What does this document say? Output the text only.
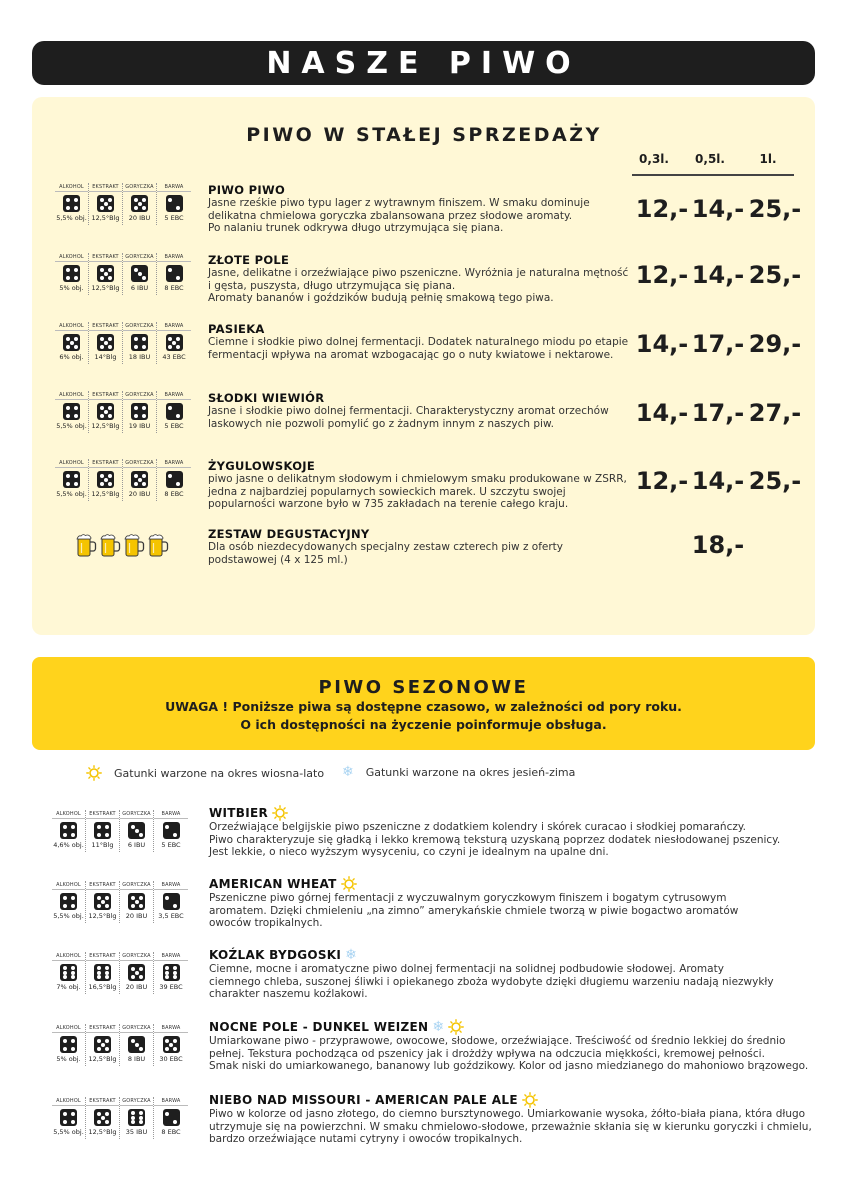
NASZE PIWO
PIWO W STAŁEJ SPRZEDAŻY
0,3l.	0,5l.	1l.
ALKOHOL
5,5% obj.
EKSTRAKT
12,5°Blg
GORYCZKA
20 IBU
BARWA
5 EBC
PIWO PIWO
Jasne rześkie piwo typu lager z wytrawnym finiszem. W smaku dominuje
delikatna chmielowa goryczka zbalansowana przez słodowe aromaty.
Po nalaniu trunek odkrywa długo utrzymująca się piana.
12,- 14,- 25,-
ALKOHOL
5% obj.
EKSTRAKT
12,5°Blg
GORYCZKA
6 IBU
BARWA
8 EBC
ZŁOTE POLE
Jasne, delikatne i orzeźwiające piwo pszeniczne. Wyróżnia je naturalna mętność
i gęsta, puszysta, długo utrzymująca się piana.
Aromaty bananów i goździków budują pełnię smakową tego piwa.
12,- 14,- 25,-
ALKOHOL
6% obj.
EKSTRAKT
14°Blg
GORYCZKA
18 IBU
BARWA
43 EBC
PASIEKA
Ciemne i słodkie piwo dolnej fermentacji. Dodatek naturalnego miodu po etapie
fermentacji wpływa na aromat wzbogacając go o nuty kwiatowe i nektarowe. 14,- 17,- 29,-
ALKOHOL
5,5% obj.
EKSTRAKT
12,5°Blg
GORYCZKA
19 IBU
BARWA
5 EBC
SŁODKI WIEWIÓR
Jasne i słodkie piwo dolnej fermentacji. Charakterystyczny aromat orzechów
laskowych nie pozwoli pomylić go z żadnym innym z naszych piw.	14,- 17,- 27,-
ALKOHOL
5,5% obj.
EKSTRAKT
12,5°Blg
GORYCZKA
20 IBU
BARWA
8 EBC
ŻYGULOWSKOJE
piwo jasne o delikatnym słodowym i chmielowym smaku produkowane w ZSRR,
jedna z najbardziej popularnych sowieckich marek. U szczytu swojej
popularności warzone było w 735 zakładach na terenie całego kraju.
12,- 14,- 25,-
ZESTAW DEGUSTACYJNY
Dla osób niezdecydowanych specjalny zestaw czterech piw z oferty
podstawowej (4 x 125 ml.)
18,-
PIWO SEZONOWE
UWAGA ! Poniższe piwa są dostępne czasowo, w zależności od pory roku.
O ich dostępności na życzenie poinformuje obsługa.
Gatunki warzone na okres wiosna-lato ❄ Gatunki warzone na okres jesień-zima
ALKOHOL
4,6% obj.
EKSTRAKT
11°Blg
GORYCZKA
6 IBU
BARWA
5 EBC
WITBIER
Orzeźwiające belgijskie piwo pszeniczne z dodatkiem kolendry i skórek curacao i słodkiej pomarańczy.
Piwo charakteryzuje się gładką i lekko kremową teksturą uzyskaną poprzez dodatek niesłodowanej pszenicy.
Jest lekkie, o nieco wyższym wysyceniu, co czyni je idealnym na upalne dni.
ALKOHOL
5,5% obj.
EKSTRAKT
12,5°Blg
GORYCZKA
20 IBU
BARWA
3,5 EBC
AMERICAN WHEAT
Pszeniczne piwo górnej fermentacji z wyczuwalnym goryczkowym finiszem i bogatym cytrusowym
aromatem. Dzięki chmieleniu „na zimno” amerykańskie chmiele tworzą w piwie bogactwo aromatów
owoców tropikalnych.
ALKOHOL
7% obj.
EKSTRAKT
16,5°Blg
GORYCZKA
20 IBU
BARWA
39 EBC
KOŹLAK BYDGOSKI ❄
Ciemne, mocne i aromatyczne piwo dolnej fermentacji na solidnej podbudowie słodowej. Aromaty
ciemnego chleba, suszonej śliwki i opiekanego zboża wydobyte dzięki długiemu warzeniu nadają niezwykły
charakter naszemu koźlakowi.
ALKOHOL
5% obj.
EKSTRAKT
12,5°Blg
GORYCZKA
8 IBU
BARWA
30 EBC
NOCNE POLE - DUNKEL WEIZEN ❄
Umiarkowane piwo - przyprawowe, owocowe, słodowe, orzeźwiające. Treściwość od średnio lekkiej do średnio
pełnej. Tekstura pochodząca od pszenicy jak i drożdży wpływa na odczucia miękkości, kremowej pełności.
Smak niski do umiarkowanego, bananowy lub goździkowy. Kolor od jasno miedzianego do mahoniowo brązowego.
ALKOHOL
5,5% obj.
EKSTRAKT
12,5°Blg
GORYCZKA
35 IBU
BARWA
8 EBC
NIEBO NAD MISSOURI - AMERICAN PALE ALE
Piwo w kolorze od jasno złotego, do ciemno bursztynowego. Umiarkowanie wysoka, żółto-biała piana, która długo
utrzymuje się na powierzchni. W smaku chmielowo-słodowe, przeważnie skłania się w kierunku goryczki i chmielu,
bardzo orzeźwiające nutami cytryny i owoców tropikalnych.
